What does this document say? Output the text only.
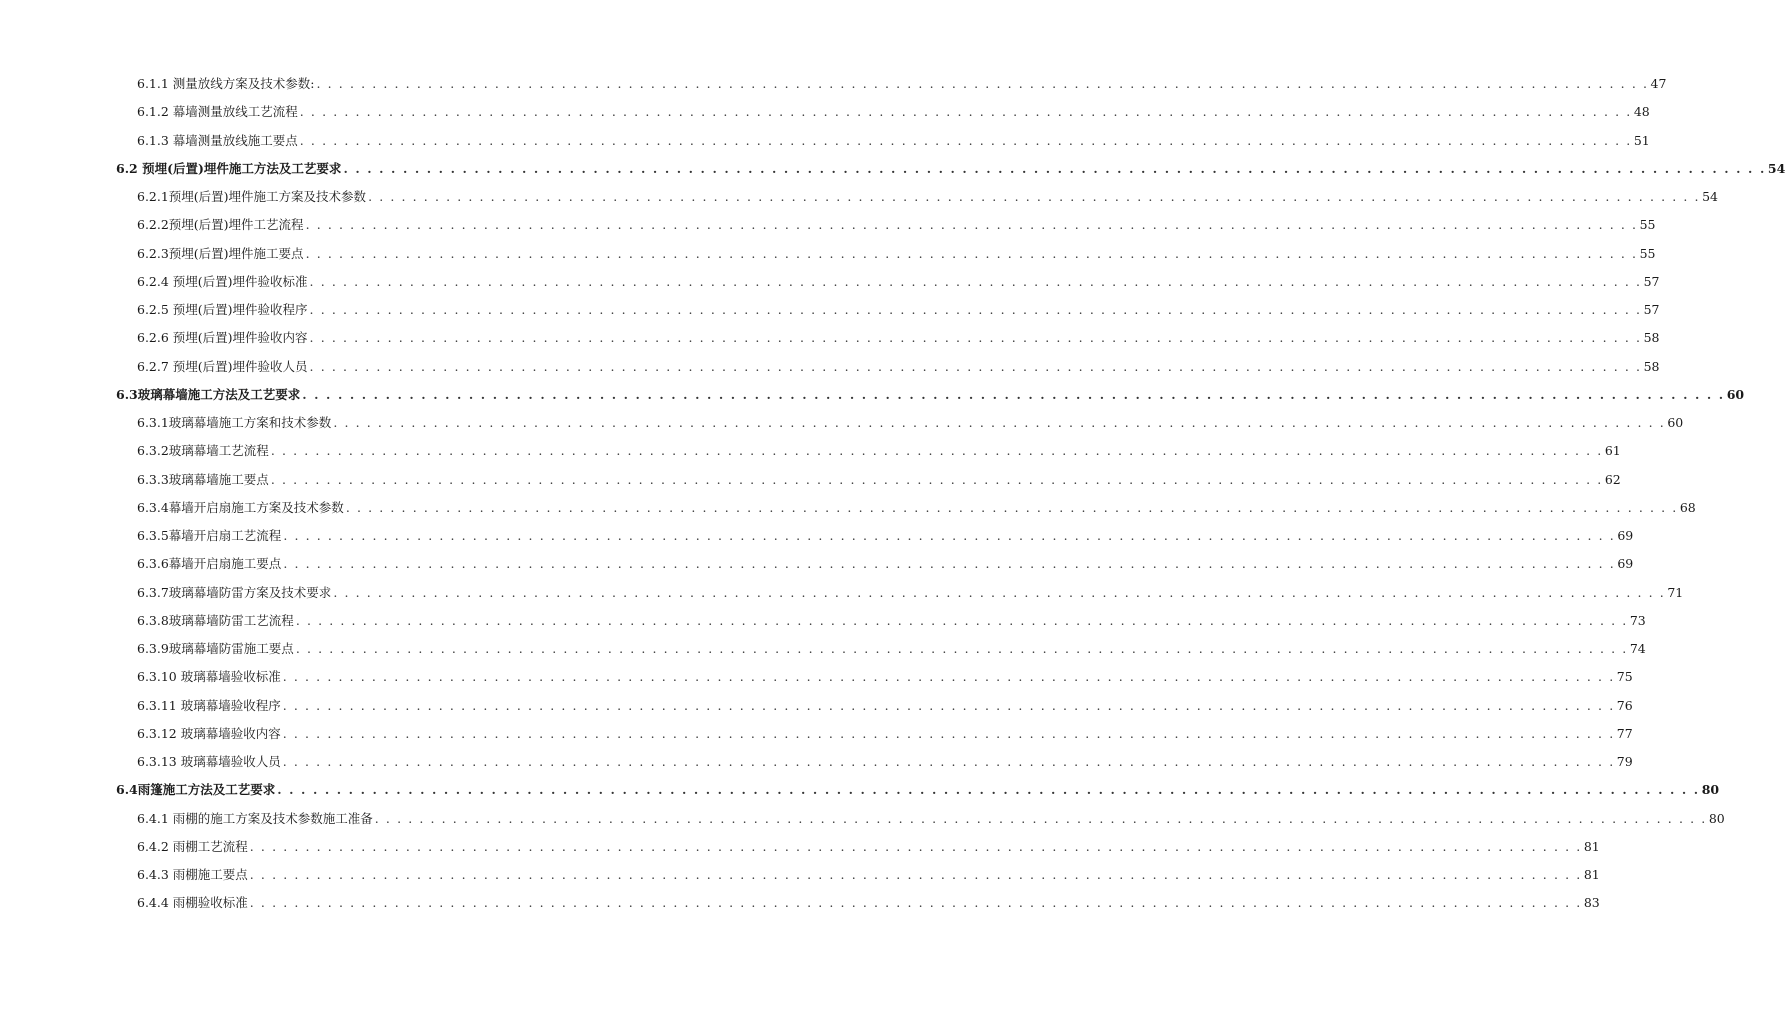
6.1.1 测量放线方案及技术参数: . . . . . . . . . . . . . . . . . . . . . . . . . . . . . . . . . . . . . . . . . . . . . . . . . . . . . . . . . . . . . . . . . . . . . . . . . . . . . . . . . . . . . . . . . . . . . . . . . . . . . . . . . . . . . . . . . . . . . . . . 47
6.1.2 幕墙测量放线工艺流程 . . . . . . . . . . . . . . . . . . . . . . . . . . . . . . . . . . . . . . . . . . . . . . . . . . . . . . . . . . . . . . . . . . . . . . . . . . . . . . . . . . . . . . . . . . . . . . . . . . . . . . . . . . . . . . . . . . . . . . . . 48
6.1.3 幕墙测量放线施工要点 . . . . . . . . . . . . . . . . . . . . . . . . . . . . . . . . . . . . . . . . . . . . . . . . . . . . . . . . . . . . . . . . . . . . . . . . . . . . . . . . . . . . . . . . . . . . . . . . . . . . . . . . . . . . . . . . . . . . . . . . 51
6.2 预埋(后置)埋件施工方法及工艺要求 . . . . . . . . . . . . . . . . . . . . . . . . . . . . . . . . . . . . . . . . . . . . . . . . . . . . . . . . . . . . . . . . . . . . . . . . . . . . . . . . . . . . . . . . . . . . . . . . . . . . . . . . . . . . . . . . . . . . . . . . 54
6.2.1预埋(后置)埋件施工方案及技术参数 . . . . . . . . . . . . . . . . . . . . . . . . . . . . . . . . . . . . . . . . . . . . . . . . . . . . . . . . . . . . . . . . . . . . . . . . . . . . . . . . . . . . . . . . . . . . . . . . . . . . . . . . . . . . . . . . . . . . . . . . 54
6.2.2预埋(后置)埋件工艺流程 . . . . . . . . . . . . . . . . . . . . . . . . . . . . . . . . . . . . . . . . . . . . . . . . . . . . . . . . . . . . . . . . . . . . . . . . . . . . . . . . . . . . . . . . . . . . . . . . . . . . . . . . . . . . . . . . . . . . . . . . 55
6.2.3预埋(后置)埋件施工要点 . . . . . . . . . . . . . . . . . . . . . . . . . . . . . . . . . . . . . . . . . . . . . . . . . . . . . . . . . . . . . . . . . . . . . . . . . . . . . . . . . . . . . . . . . . . . . . . . . . . . . . . . . . . . . . . . . . . . . . . . 55
6.2.4 预埋(后置)埋件验收标准 . . . . . . . . . . . . . . . . . . . . . . . . . . . . . . . . . . . . . . . . . . . . . . . . . . . . . . . . . . . . . . . . . . . . . . . . . . . . . . . . . . . . . . . . . . . . . . . . . . . . . . . . . . . . . . . . . . . . . . . . 57
6.2.5 预埋(后置)埋件验收程序 . . . . . . . . . . . . . . . . . . . . . . . . . . . . . . . . . . . . . . . . . . . . . . . . . . . . . . . . . . . . . . . . . . . . . . . . . . . . . . . . . . . . . . . . . . . . . . . . . . . . . . . . . . . . . . . . . . . . . . . . 57
6.2.6 预埋(后置)埋件验收内容 . . . . . . . . . . . . . . . . . . . . . . . . . . . . . . . . . . . . . . . . . . . . . . . . . . . . . . . . . . . . . . . . . . . . . . . . . . . . . . . . . . . . . . . . . . . . . . . . . . . . . . . . . . . . . . . . . . . . . . . . 58
6.2.7 预埋(后置)埋件验收人员 . . . . . . . . . . . . . . . . . . . . . . . . . . . . . . . . . . . . . . . . . . . . . . . . . . . . . . . . . . . . . . . . . . . . . . . . . . . . . . . . . . . . . . . . . . . . . . . . . . . . . . . . . . . . . . . . . . . . . . . . 58
6.3玻璃幕墙施工方法及工艺要求 . . . . . . . . . . . . . . . . . . . . . . . . . . . . . . . . . . . . . . . . . . . . . . . . . . . . . . . . . . . . . . . . . . . . . . . . . . . . . . . . . . . . . . . . . . . . . . . . . . . . . . . . . . . . . . . . . . . . . . . . 60
6.3.1玻璃幕墙施工方案和技术参数 . . . . . . . . . . . . . . . . . . . . . . . . . . . . . . . . . . . . . . . . . . . . . . . . . . . . . . . . . . . . . . . . . . . . . . . . . . . . . . . . . . . . . . . . . . . . . . . . . . . . . . . . . . . . . . . . . . . . . . . . 60
6.3.2玻璃幕墙工艺流程 . . . . . . . . . . . . . . . . . . . . . . . . . . . . . . . . . . . . . . . . . . . . . . . . . . . . . . . . . . . . . . . . . . . . . . . . . . . . . . . . . . . . . . . . . . . . . . . . . . . . . . . . . . . . . . . . . . . . . . . . 61
6.3.3玻璃幕墙施工要点 . . . . . . . . . . . . . . . . . . . . . . . . . . . . . . . . . . . . . . . . . . . . . . . . . . . . . . . . . . . . . . . . . . . . . . . . . . . . . . . . . . . . . . . . . . . . . . . . . . . . . . . . . . . . . . . . . . . . . . . . 62
6.3.4幕墙开启扇施工方案及技术参数 . . . . . . . . . . . . . . . . . . . . . . . . . . . . . . . . . . . . . . . . . . . . . . . . . . . . . . . . . . . . . . . . . . . . . . . . . . . . . . . . . . . . . . . . . . . . . . . . . . . . . . . . . . . . . . . . . . . . . . . . 68
6.3.5幕墙开启扇工艺流程 . . . . . . . . . . . . . . . . . . . . . . . . . . . . . . . . . . . . . . . . . . . . . . . . . . . . . . . . . . . . . . . . . . . . . . . . . . . . . . . . . . . . . . . . . . . . . . . . . . . . . . . . . . . . . . . . . . . . . . . . 69
6.3.6幕墙开启扇施工要点 . . . . . . . . . . . . . . . . . . . . . . . . . . . . . . . . . . . . . . . . . . . . . . . . . . . . . . . . . . . . . . . . . . . . . . . . . . . . . . . . . . . . . . . . . . . . . . . . . . . . . . . . . . . . . . . . . . . . . . . . 69
6.3.7玻璃幕墙防雷方案及技术要求 . . . . . . . . . . . . . . . . . . . . . . . . . . . . . . . . . . . . . . . . . . . . . . . . . . . . . . . . . . . . . . . . . . . . . . . . . . . . . . . . . . . . . . . . . . . . . . . . . . . . . . . . . . . . . . . . . . . . . . . . 71
6.3.8玻璃幕墙防雷工艺流程 . . . . . . . . . . . . . . . . . . . . . . . . . . . . . . . . . . . . . . . . . . . . . . . . . . . . . . . . . . . . . . . . . . . . . . . . . . . . . . . . . . . . . . . . . . . . . . . . . . . . . . . . . . . . . . . . . . . . . . . . 73
6.3.9玻璃幕墙防雷施工要点 . . . . . . . . . . . . . . . . . . . . . . . . . . . . . . . . . . . . . . . . . . . . . . . . . . . . . . . . . . . . . . . . . . . . . . . . . . . . . . . . . . . . . . . . . . . . . . . . . . . . . . . . . . . . . . . . . . . . . . . . 74
6.3.10 玻璃幕墙验收标准 . . . . . . . . . . . . . . . . . . . . . . . . . . . . . . . . . . . . . . . . . . . . . . . . . . . . . . . . . . . . . . . . . . . . . . . . . . . . . . . . . . . . . . . . . . . . . . . . . . . . . . . . . . . . . . . . . . . . . . . . 75
6.3.11 玻璃幕墙验收程序 . . . . . . . . . . . . . . . . . . . . . . . . . . . . . . . . . . . . . . . . . . . . . . . . . . . . . . . . . . . . . . . . . . . . . . . . . . . . . . . . . . . . . . . . . . . . . . . . . . . . . . . . . . . . . . . . . . . . . . . . 76
6.3.12 玻璃幕墙验收内容 . . . . . . . . . . . . . . . . . . . . . . . . . . . . . . . . . . . . . . . . . . . . . . . . . . . . . . . . . . . . . . . . . . . . . . . . . . . . . . . . . . . . . . . . . . . . . . . . . . . . . . . . . . . . . . . . . . . . . . . . 77
6.3.13 玻璃幕墙验收人员 . . . . . . . . . . . . . . . . . . . . . . . . . . . . . . . . . . . . . . . . . . . . . . . . . . . . . . . . . . . . . . . . . . . . . . . . . . . . . . . . . . . . . . . . . . . . . . . . . . . . . . . . . . . . . . . . . . . . . . . . 79
6.4雨篷施工方法及工艺要求 . . . . . . . . . . . . . . . . . . . . . . . . . . . . . . . . . . . . . . . . . . . . . . . . . . . . . . . . . . . . . . . . . . . . . . . . . . . . . . . . . . . . . . . . . . . . . . . . . . . . . . . . . . . . . . . . . . . . . . . . 80
6.4.1 雨棚的施工方案及技术参数施工准备 . . . . . . . . . . . . . . . . . . . . . . . . . . . . . . . . . . . . . . . . . . . . . . . . . . . . . . . . . . . . . . . . . . . . . . . . . . . . . . . . . . . . . . . . . . . . . . . . . . . . . . . . . . . . . . . . . . . . . . . . 80
6.4.2 雨棚工艺流程 . . . . . . . . . . . . . . . . . . . . . . . . . . . . . . . . . . . . . . . . . . . . . . . . . . . . . . . . . . . . . . . . . . . . . . . . . . . . . . . . . . . . . . . . . . . . . . . . . . . . . . . . . . . . . . . . . . . . . . . . 81
6.4.3 雨棚施工要点 . . . . . . . . . . . . . . . . . . . . . . . . . . . . . . . . . . . . . . . . . . . . . . . . . . . . . . . . . . . . . . . . . . . . . . . . . . . . . . . . . . . . . . . . . . . . . . . . . . . . . . . . . . . . . . . . . . . . . . . . 81
6.4.4 雨棚验收标准 . . . . . . . . . . . . . . . . . . . . . . . . . . . . . . . . . . . . . . . . . . . . . . . . . . . . . . . . . . . . . . . . . . . . . . . . . . . . . . . . . . . . . . . . . . . . . . . . . . . . . . . . . . . . . . . . . . . . . . . . 83
